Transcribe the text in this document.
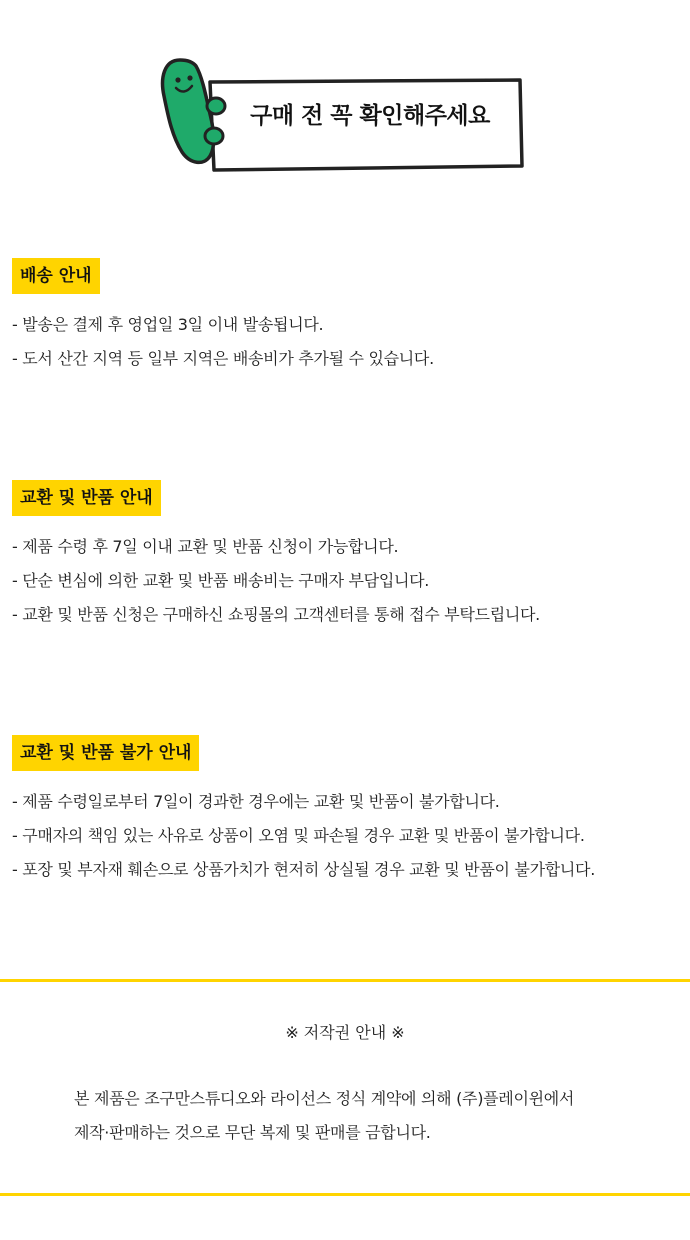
구매 전 꼭 확인해주세요
배송 안내
- 발송은 결제 후 영업일 3일 이내 발송됩니다.
- 도서 산간 지역 등 일부 지역은 배송비가 추가될 수 있습니다.
교환 및 반품 안내
- 제품 수령 후 7일 이내 교환 및 반품 신청이 가능합니다.
- 단순 변심에 의한 교환 및 반품 배송비는 구매자 부담입니다.
- 교환 및 반품 신청은 구매하신 쇼핑몰의 고객센터를 통해 접수 부탁드립니다.
교환 및 반품 불가 안내
- 제품 수령일로부터 7일이 경과한 경우에는 교환 및 반품이 불가합니다.
- 구매자의 책임 있는 사유로 상품이 오염 및 파손될 경우 교환 및 반품이 불가합니다.
- 포장 및 부자재 훼손으로 상품가치가 현저히 상실될 경우 교환 및 반품이 불가합니다.
※ 저작권 안내 ※
본 제품은 조구만스튜디오와 라이선스 정식 계약에 의해 (주)플레이윈에서
제작·판매하는 것으로 무단 복제 및 판매를 금합니다.
